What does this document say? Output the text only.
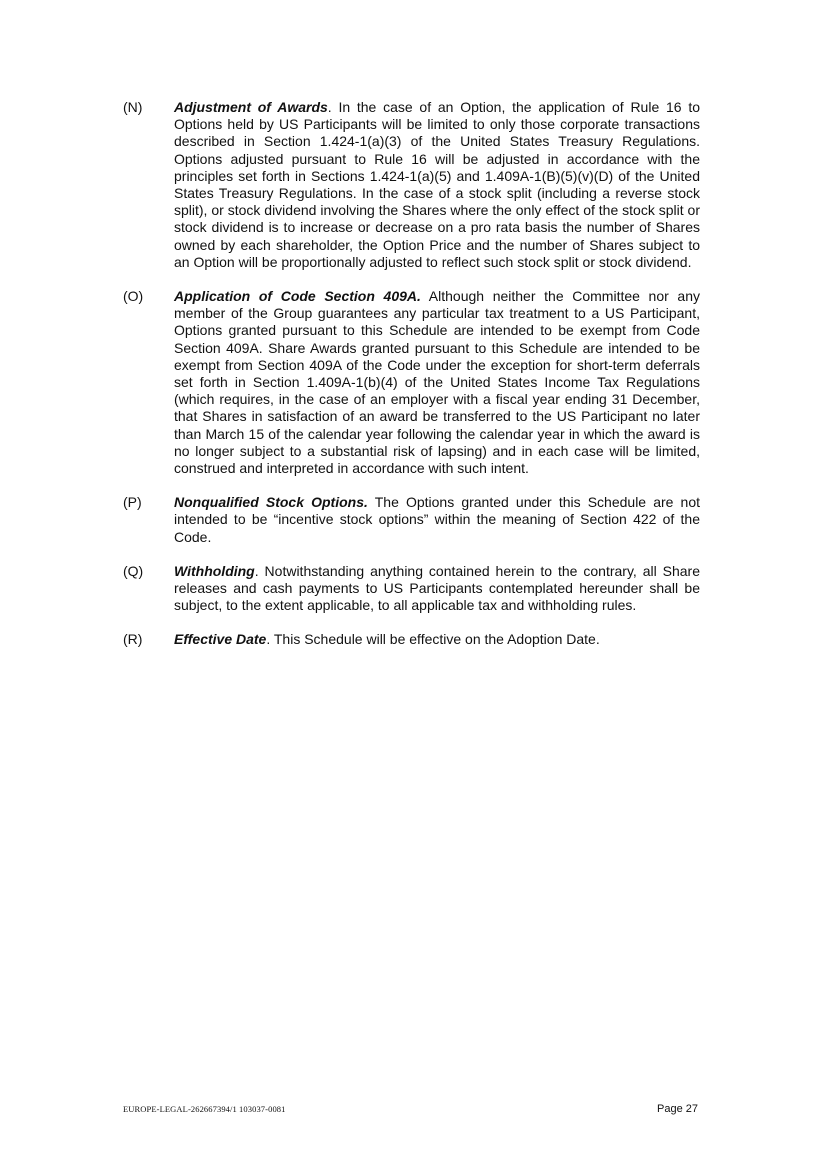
(N)	Adjustment of Awards. In the case of an Option, the application of Rule 16 to Options held by US Participants will be limited to only those corporate transactions described in Section 1.424-1(a)(3) of the United States Treasury Regulations. Options adjusted pursuant to Rule 16 will be adjusted in accordance with the principles set forth in Sections 1.424-1(a)(5) and 1.409A-1(B)(5)(v)(D) of the United States Treasury Regulations. In the case of a stock split (including a reverse stock split), or stock dividend involving the Shares where the only effect of the stock split or stock dividend is to increase or decrease on a pro rata basis the number of Shares owned by each shareholder, the Option Price and the number of Shares subject to an Option will be proportionally adjusted to reflect such stock split or stock dividend.
(O)	Application of Code Section 409A. Although neither the Committee nor any member of the Group guarantees any particular tax treatment to a US Participant, Options granted pursuant to this Schedule are intended to be exempt from Code Section 409A. Share Awards granted pursuant to this Schedule are intended to be exempt from Section 409A of the Code under the exception for short-term deferrals set forth in Section 1.409A-1(b)(4) of the United States Income Tax Regulations (which requires, in the case of an employer with a fiscal year ending 31 December, that Shares in satisfaction of an award be transferred to the US Participant no later than March 15 of the calendar year following the calendar year in which the award is no longer subject to a substantial risk of lapsing) and in each case will be limited, construed and interpreted in accordance with such intent.
(P)	Nonqualified Stock Options. The Options granted under this Schedule are not intended to be “incentive stock options” within the meaning of Section 422 of the Code.
(Q)	Withholding. Notwithstanding anything contained herein to the contrary, all Share releases and cash payments to US Participants contemplated hereunder shall be subject, to the extent applicable, to all applicable tax and withholding rules.
(R)	Effective Date. This Schedule will be effective on the Adoption Date.
EUROPE-LEGAL-262667394/1 103037-0081	Page 27
